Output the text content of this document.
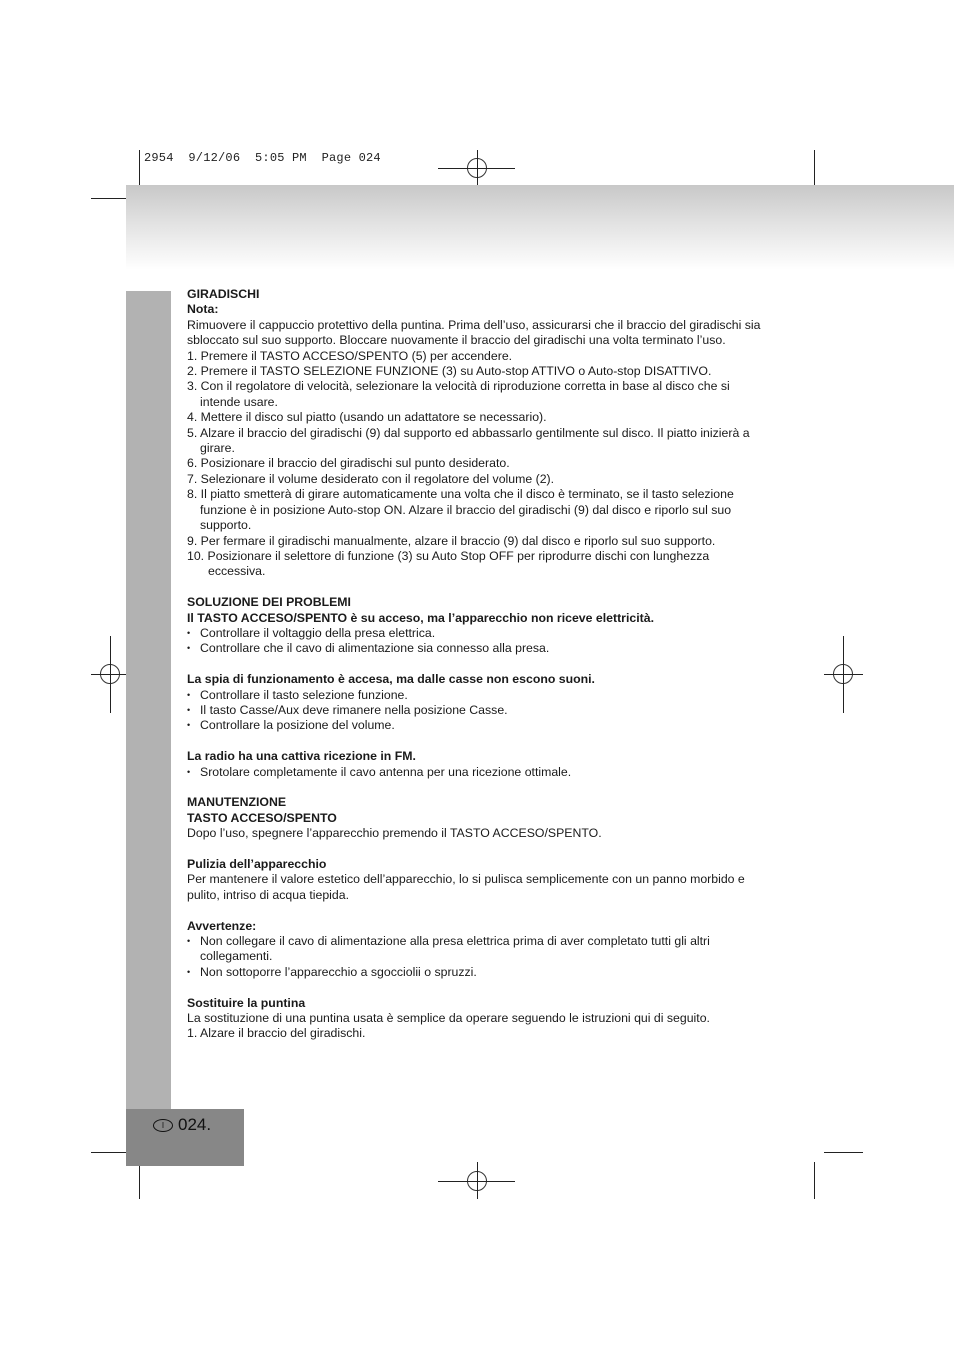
2954  9/12/06  5:05 PM  Page 024
I 024.

GIRADISCHI

Nota:

Rimuovere il cappuccio protettivo della puntina. Prima dell’uso, assicurarsi che il braccio del giradischi sia sbloccato sul suo supporto. Bloccare nuovamente il braccio del giradischi una volta terminato l’uso.

1. Premere il TASTO ACCESO/SPENTO (5) per accendere.

2. Premere il TASTO SELEZIONE FUNZIONE (3) su Auto-stop ATTIVO o Auto-stop DISATTIVO.

3. Con il regolatore di velocità, selezionare la velocità di riproduzione corretta in base al disco che si intende usare.

4. Mettere il disco sul piatto (usando un adattatore se necessario).

5. Alzare il braccio del giradischi (9) dal supporto ed abbassarlo gentilmente sul disco. Il piatto inizierà a girare.

6. Posizionare il braccio del giradischi sul punto desiderato.

7. Selezionare il volume desiderato con il regolatore del volume (2).

8. Il piatto smetterà di girare automaticamente una volta che il disco è terminato, se il tasto selezione funzione è in posizione Auto-stop ON. Alzare il braccio del giradischi (9) dal disco e riporlo sul suo supporto.

9. Per fermare il giradischi manualmente, alzare il braccio (9) dal disco e riporlo sul suo supporto.

10. Posizionare il selettore di funzione (3) su Auto Stop OFF per riprodurre dischi con lunghezza eccessiva.

SOLUZIONE DEI PROBLEMI

Il TASTO ACCESO/SPENTO è su acceso, ma l’apparecchio non riceve elettricità.

• Controllare il voltaggio della presa elettrica.

• Controllare che il cavo di alimentazione sia connesso alla presa.

La spia di funzionamento è accesa, ma dalle casse non escono suoni.

• Controllare il tasto selezione funzione.

• Il tasto Casse/Aux deve rimanere nella posizione Casse.

• Controllare la posizione del volume.

La radio ha una cattiva ricezione in FM.

• Srotolare completamente il cavo antenna per una ricezione ottimale.

MANUTENZIONE

TASTO ACCESO/SPENTO

Dopo l’uso, spegnere l’apparecchio premendo il TASTO ACCESO/SPENTO.

Pulizia dell’apparecchio

Per mantenere il valore estetico dell’apparecchio, lo si pulisca semplicemente con un panno morbido e pulito, intriso di acqua tiepida.

Avvertenze:

• Non collegare il cavo di alimentazione alla presa elettrica prima di aver completato tutti gli altri collegamenti.

• Non sottoporre l’apparecchio a sgocciolii o spruzzi.

Sostituire la puntina

La sostituzione di una puntina usata è semplice da operare seguendo le istruzioni qui di seguito.

1. Alzare il braccio del giradischi.
